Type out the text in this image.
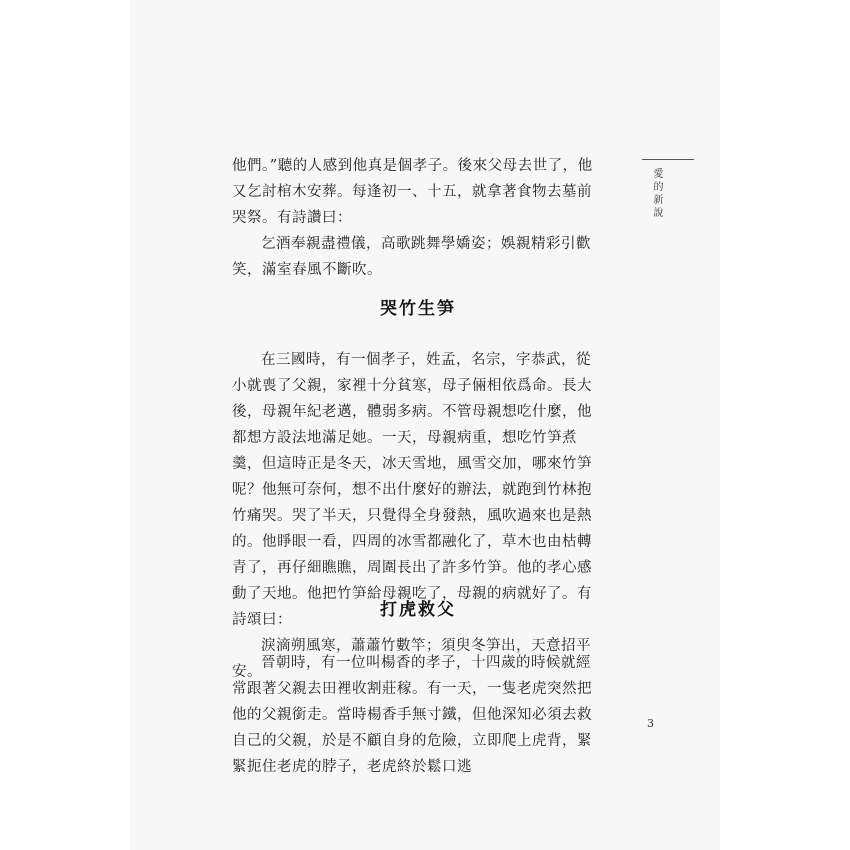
愛的新說

他們。”聽的人感到他真是個孝子。後來父母去世了，他又乞討棺木安葬。每逢初一、十五，就拿著食物去墓前哭祭。有詩讚曰：

乞酒奉親盡禮儀，高歌跳舞學嬌姿；娛親精彩引歡笑，滿室春風不斷吹。

哭竹生笋

在三國時，有一個孝子，姓孟，名宗，字恭武，從小就喪了父親，家裡十分貧寒，母子倆相依爲命。長大後，母親年紀老邁，體弱多病。不管母親想吃什麼，他都想方設法地滿足她。一天，母親病重，想吃竹笋煮羹，但這時正是冬天，冰天雪地，風雪交加，哪來竹笋呢？他無可奈何，想不出什麼好的辦法，就跑到竹林抱竹痛哭。哭了半天，只覺得全身發熱，風吹過來也是熱的。他睜眼一看，四周的冰雪都融化了，草木也由枯轉青了，再仔細瞧瞧，周圍長出了許多竹笋。他的孝心感動了天地。他把竹笋給母親吃了，母親的病就好了。有詩頌曰：

淚滴朔風寒，蕭蕭竹數竿；須臾冬笋出，天意招平安。

打虎救父

晉朝時，有一位叫楊香的孝子，十四歲的時候就經常跟著父親去田裡收割莊稼。有一天，一隻老虎突然把他的父親銜走。當時楊香手無寸鐵，但他深知必須去救自己的父親，於是不顧自身的危險，立即爬上虎背，緊緊扼住老虎的脖子，老虎終於鬆口逃

3
